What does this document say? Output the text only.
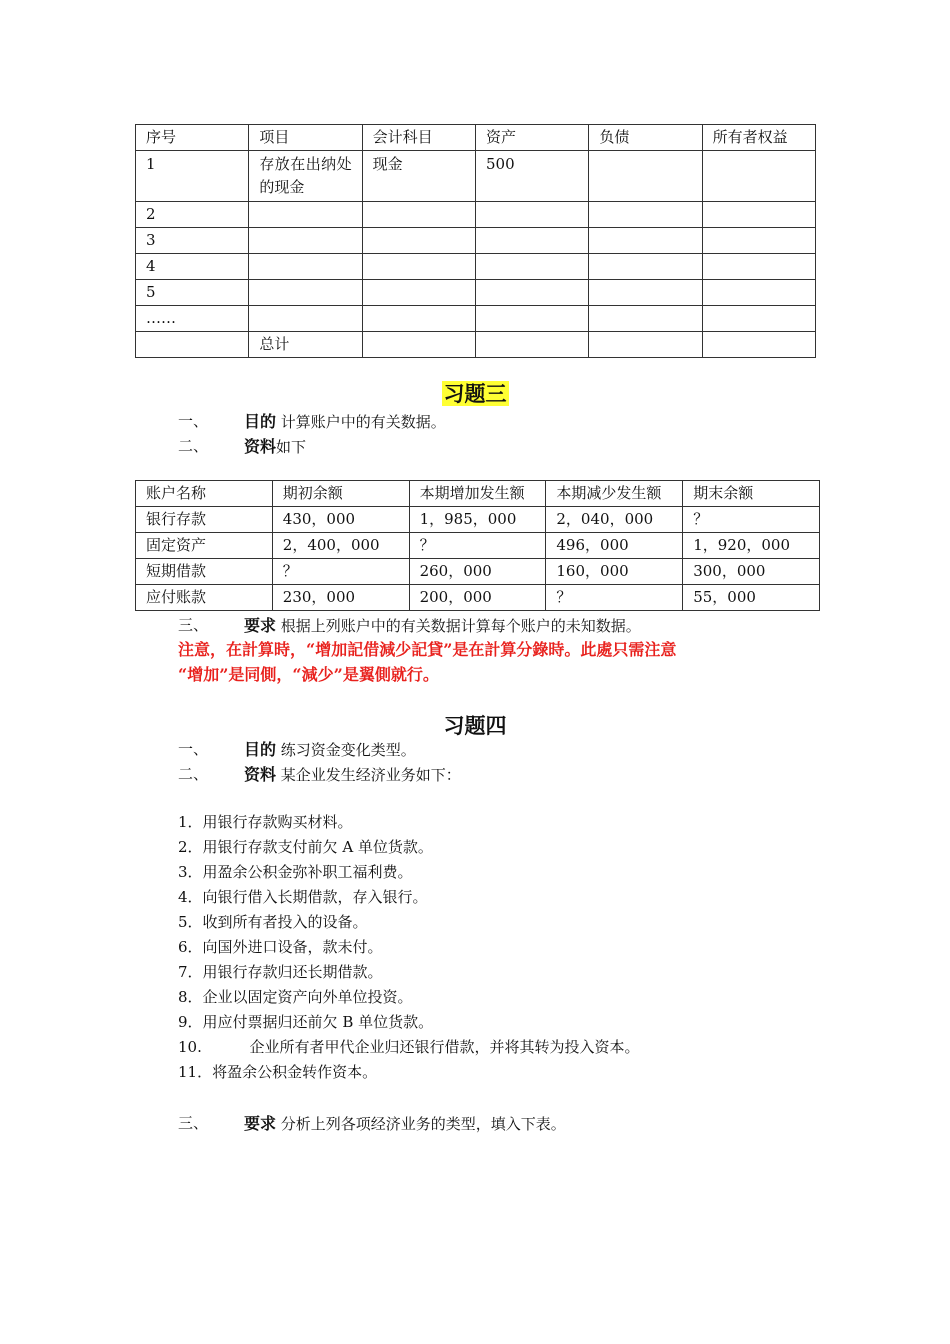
序号	项目	会计科目	资产	负债	所有者权益
1	存放在出纳处的现金	现金	500		
2					
3					
4					
5					
……					
	总计				
习题三
一、 目的 计算账户中的有关数据。
二、 资料如下
账户名称	期初余额	本期增加发生额	本期减少发生额	期末余额
银行存款	430，000	1，985，000	2，040，000	？
固定资产	2，400，000	？	496，000	1，920，000
短期借款	？	260，000	160，000	300，000
应付账款	230，000	200，000	？	55，000
三、 要求 根据上列账户中的有关数据计算每个账户的未知数据。
注意，在計算時，“增加記借減少記貸”是在計算分錄時。此處只需注意
“增加”是同側，“減少”是翼側就行。
习题四
一、 目的 练习资金变化类型。
二、 资料 某企业发生经济业务如下：
1．用银行存款购买材料。
2．用银行存款支付前欠 A 单位货款。
3．用盈余公积金弥补职工福利费。
4．向银行借入长期借款，存入银行。
5．收到所有者投入的设备。
6．向国外进口设备，款未付。
7．用银行存款归还长期借款。
8．企业以固定资产向外单位投资。
9．用应付票据归还前欠 B 单位货款。
10.          企业所有者甲代企业归还银行借款，并将其转为投入资本。
11．将盈余公积金转作资本。
三、 要求 分析上列各项经济业务的类型，填入下表。
